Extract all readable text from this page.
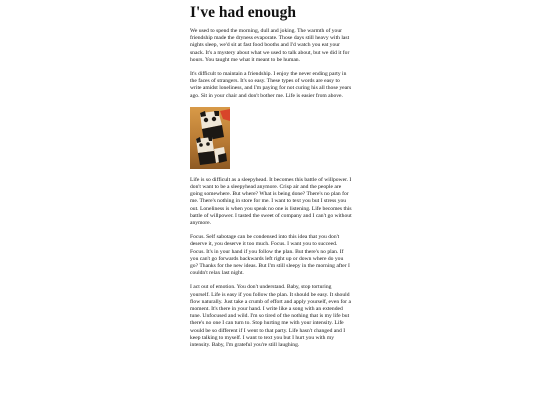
I've had enough

We used to spend the morning, dull and joking. The warmth of your friendship made the dryness evaporate. Those days still heavy with last nights sleep, we'd sit at fast food booths and I'd watch you eat your snack. It's a mystery about what we used to talk about, but we did it for hours. You taught me what it meant to be human.

It's difficult to maintain a friendship. I enjoy the never ending party in the faces of strangers. It's so easy. These types of words are easy to write amidst loneliness, and I'm paying for not curing his all those years ago. Sit in your chair and don't bother me. Life is easier from above.

Life is so difficult as a sleepyhead. It becomes this battle of willpower. I don't want to be a sleepyhead anymore. Crisp air and the people are going somewhere. But where? What is being done? There's no plan for me. There's nothing in store for me. I want to text you but I stress you out. Loneliness is when you speak no one is listening. Life becomes this battle of willpower. I tasted the sweet of company and I can't go without anymore.

Focus. Self sabotage can be condensed into this idea that you don't deserve it, you deserve it too much. Focus. I want you to succeed. Focus. It's in your hand if you follow the plan. But there's no plan. If you can't go forwards backwards left right up or down where do you go? Thanks for the new ideas. But I'm still sleepy in the morning after I couldn't relax last night.

I act out of emotion. You don't understand. Baby, stop torturing yourself. Life is easy if you follow the plan. It should be easy. It should flow naturally. Just take a crumb of effort and apply yourself, even for a moment. It's there in your hand. I write like a song with an extended tune. Unfocused and wild. I'm so tired of the nothing that is my life but there's no one I can turn to. Stop hurting me with your intensity. Life would be so different if I went to that party. Life hasn't changed and I keep talking to myself. I want to text you but I hurt you with my intensity. Baby, I'm grateful you're still laughing.
